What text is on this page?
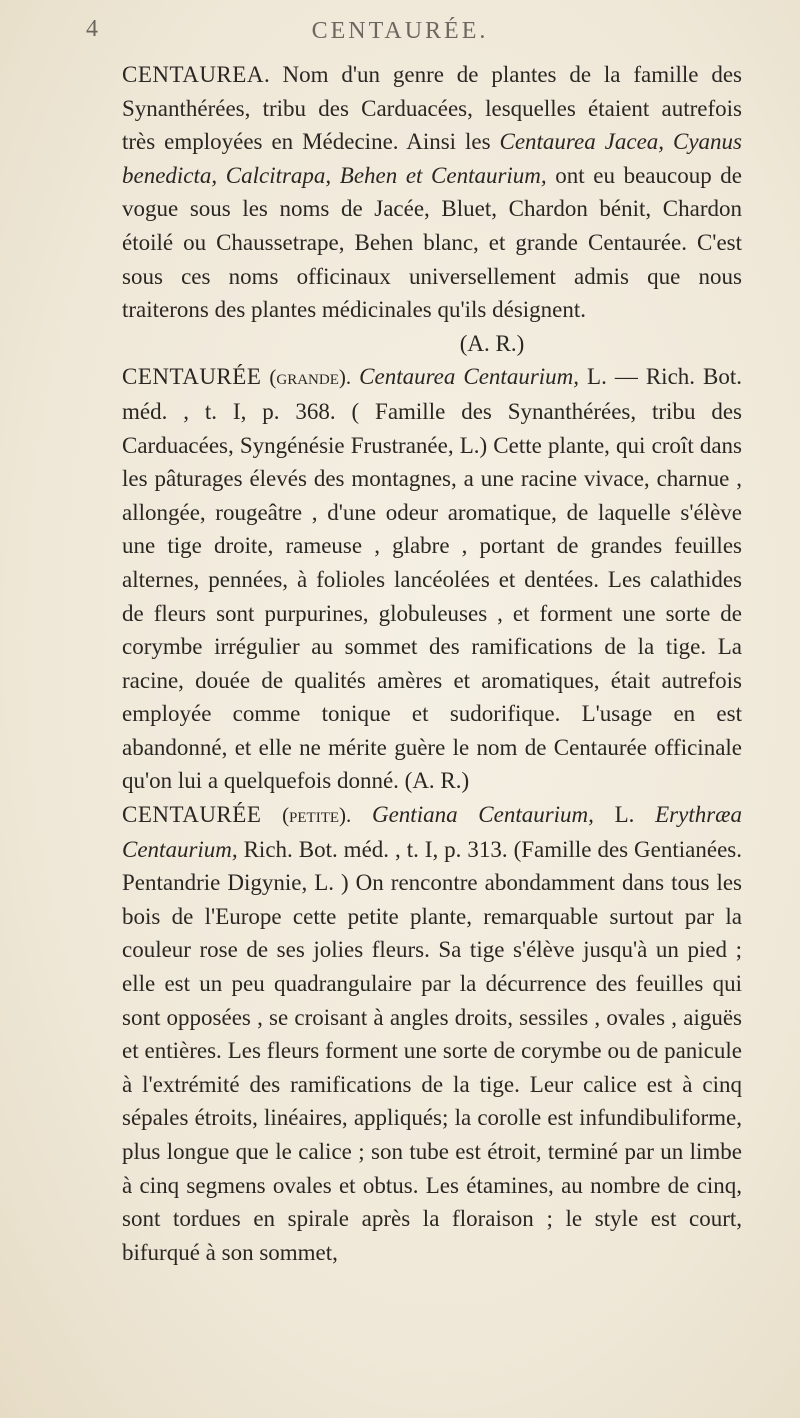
4	CENTAURÉE.

CENTAUREA. Nom d'un genre de plantes de la famille des Synanthérées, tribu des Carduacées, lesquelles étaient autrefois très employées en Médecine. Ainsi les Centaurea Jacea, Cyanus benedicta, Calcitrapa, Behen et Centaurium, ont eu beaucoup de vogue sous les noms de Jacée, Bluet, Chardon bénit, Chardon étoilé ou Chaussetrape, Behen blanc, et grande Centaurée. C'est sous ces noms officinaux universellement admis que nous traiterons des plantes médicinales qu'ils désignent.

(A. R.)

CENTAURÉE (grande). Centaurea Centaurium, L. — Rich. Bot. méd. , t. I, p. 368. ( Famille des Synanthérées, tribu des Carduacées, Syngénésie Frustranée, L.) Cette plante, qui croît dans les pâturages élevés des montagnes, a une racine vivace, charnue , allongée, rougeâtre , d'une odeur aromatique, de laquelle s'élève une tige droite, rameuse , glabre , portant de grandes feuilles alternes, pennées, à folioles lancéolées et dentées. Les calathides de fleurs sont purpurines, globuleuses , et forment une sorte de corymbe irrégulier au sommet des ramifications de la tige. La racine, douée de qualités amères et aromatiques, était autrefois employée comme tonique et sudorifique. L'usage en est abandonné, et elle ne mérite guère le nom de Centaurée officinale qu'on lui a quelquefois donné. (A. R.)

CENTAURÉE (petite). Gentiana Centaurium, L. Erythræa Centaurium, Rich. Bot. méd. , t. I, p. 313. (Famille des Gentianées. Pentandrie Digynie, L. ) On rencontre abondamment dans tous les bois de l'Europe cette petite plante, remarquable surtout par la couleur rose de ses jolies fleurs. Sa tige s'élève jusqu'à un pied ; elle est un peu quadrangulaire par la décurrence des feuilles qui sont opposées , se croisant à angles droits, sessiles , ovales , aiguës et entières. Les fleurs forment une sorte de corymbe ou de panicule à l'extrémité des ramifications de la tige. Leur calice est à cinq sépales étroits, linéaires, appliqués; la corolle est infundibuliforme, plus longue que le calice ; son tube est étroit, terminé par un limbe à cinq segmens ovales et obtus. Les étamines, au nombre de cinq, sont tordues en spirale après la floraison ; le style est court, bifurqué à son sommet,
